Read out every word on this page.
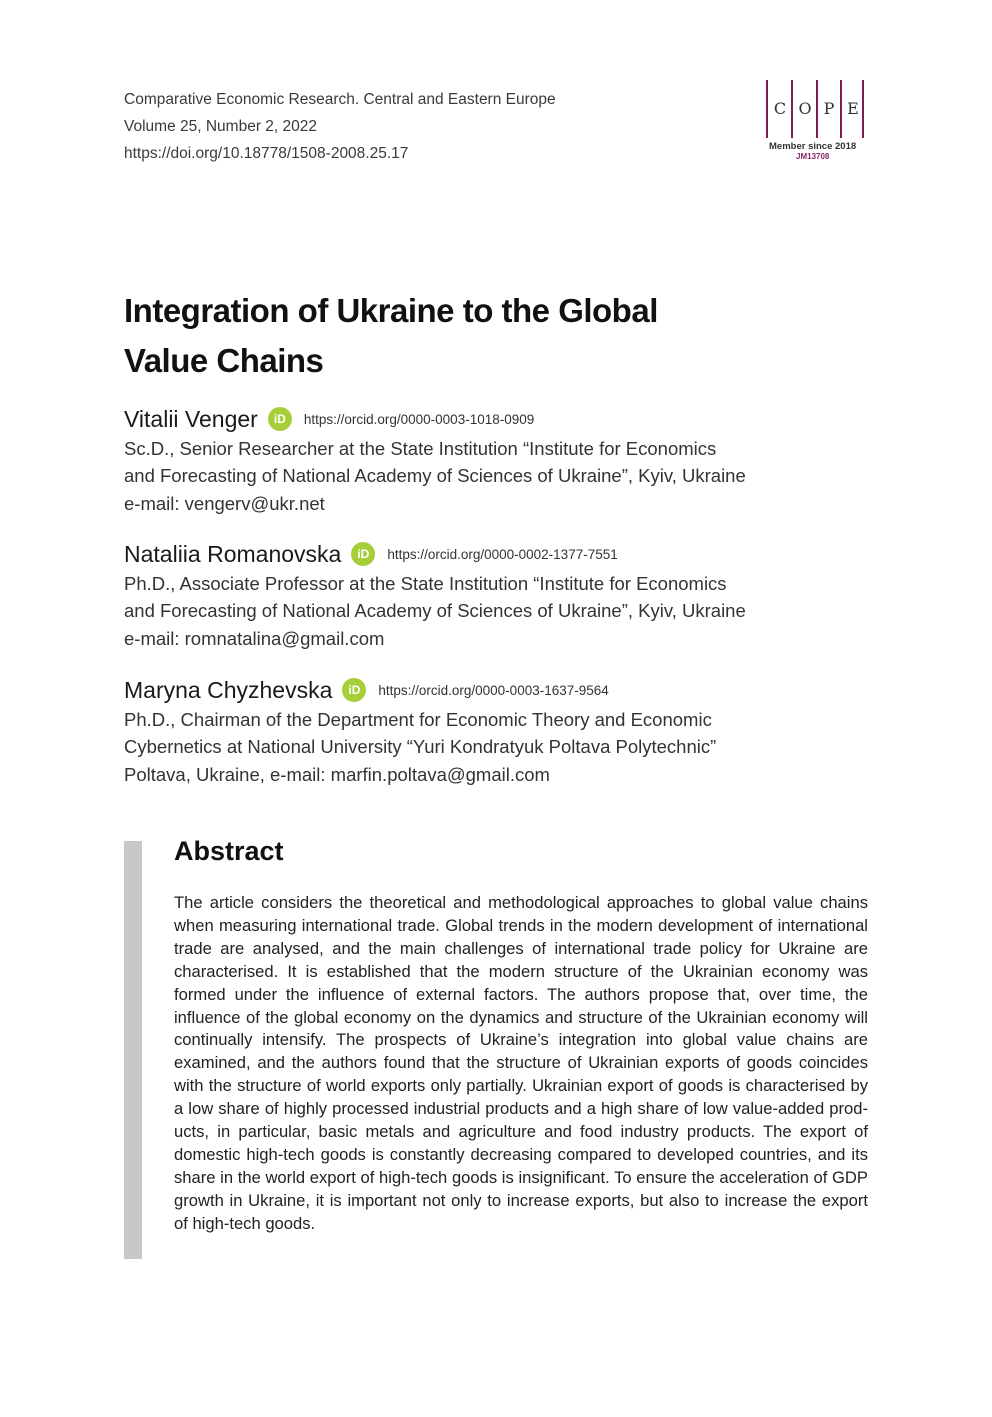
Comparative Economic Research. Central and Eastern Europe
Volume 25, Number 2, 2022
https://doi.org/10.18778/1508-2008.25.17
C O P E
Member since 2018
JM13708
Integration of Ukraine to the Global
Value Chains
Vitalii Venger	iD	https://orcid.org/0000-0003-1018-0909
Sc.D., Senior Researcher at the State Institution “Institute for Economics
and Forecasting of National Academy of Sciences of Ukraine”, Kyiv, Ukraine
e-mail: vengerv@ukr.net
Nataliia Romanovska	iD	https://orcid.org/0000-0002-1377-7551
Ph.D., Associate Professor at the State Institution “Institute for Economics
and Forecasting of National Academy of Sciences of Ukraine”, Kyiv, Ukraine
e-mail: romnatalina@gmail.com
Maryna Chyzhevska	iD	https://orcid.org/0000-0003-1637-9564
Ph.D., Chairman of the Department for Economic Theory and Economic
Cybernetics at National University “Yuri Kondratyuk Poltava Polytechnic”
Poltava, Ukraine, e-mail: marfin.poltava@gmail.com
Abstract
The article considers the theoretical and methodological approaches to global value chains when measuring international trade. Global trends in the modern development of international trade are analysed, and the main challenges of international trade policy for Ukraine are characterised. It is established that the modern structure of the Ukrainian economy was formed under the influence of external factors. The authors propose that, over time, the influence of the global economy on the dynamics and structure of the Ukrainian economy will continually intensify. The prospects of Ukraine’s integration into global value chains are examined, and the authors found that the structure of Ukrainian exports of goods coincides with the structure of world exports only partially. Ukrainian export of goods is characterised by a low share of highly processed industrial products and a high share of low value-added products, in particular, basic metals and agriculture and food industry products. The export of domestic high-tech goods is constantly decreasing compared to developed countries, and its share in the world export of high-tech goods is insignificant. To ensure the acceleration of GDP growth in Ukraine, it is important not only to increase exports, but also to increase the export of high-tech goods.
